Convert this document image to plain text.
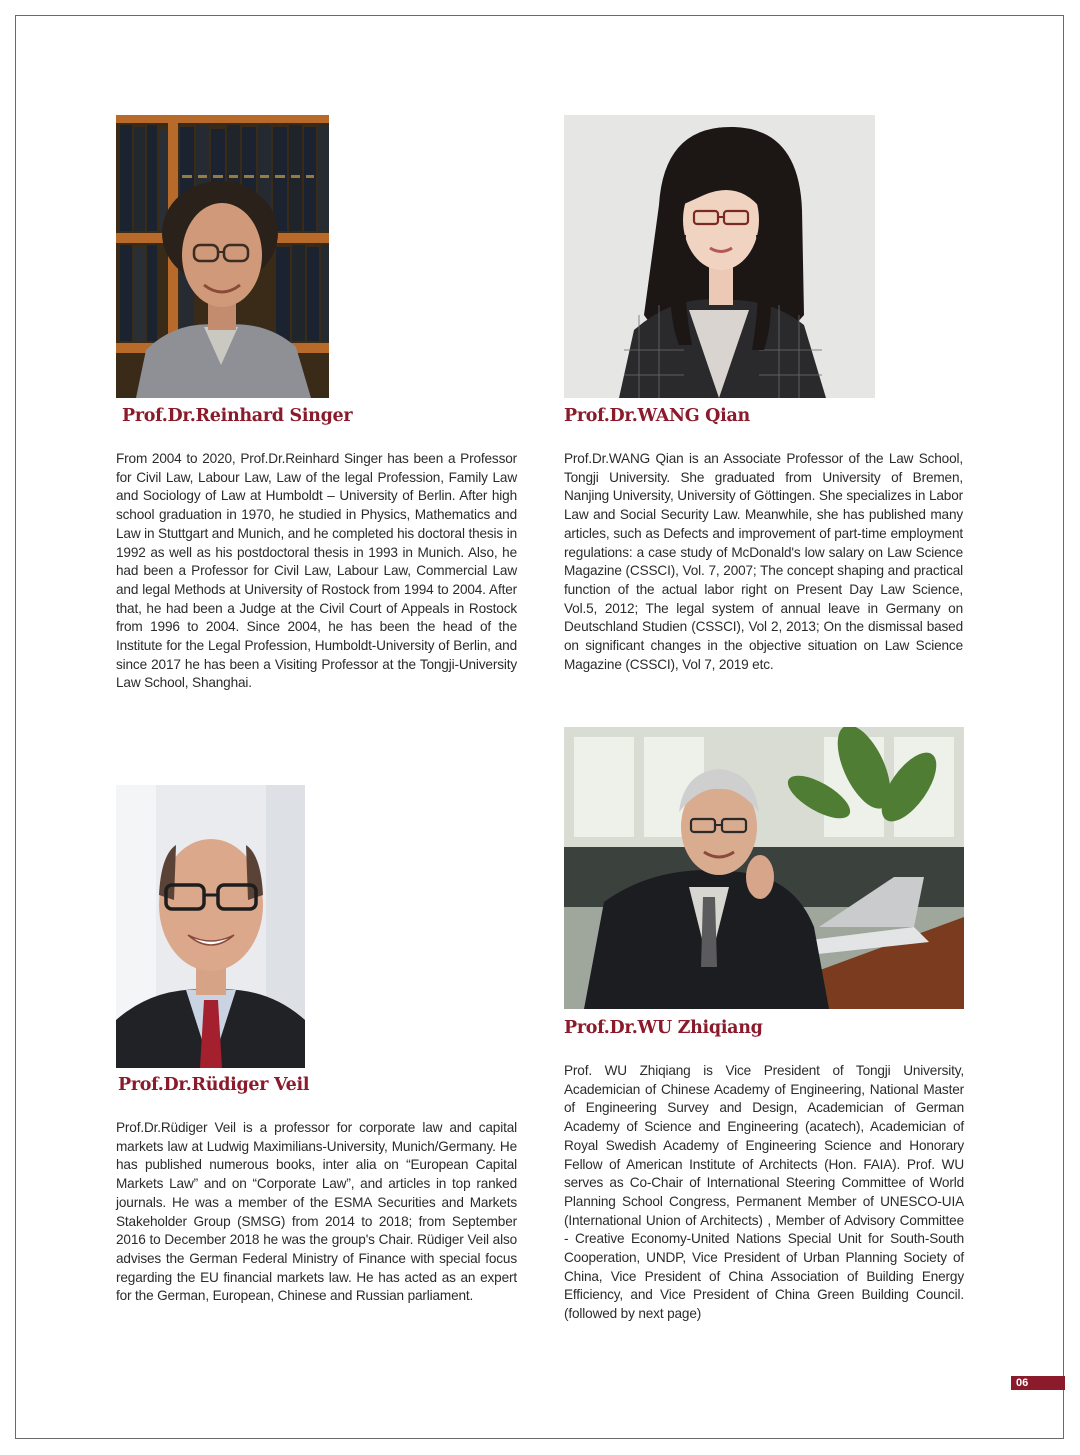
Prof.Dr.Reinhard Singer

From 2004 to 2020, Prof.Dr.Reinhard Singer has been a Professor for Civil Law, Labour Law, Law of the legal Profession, Family Law and Sociology of Law at Humboldt – University of Berlin. After high school graduation in 1970, he studied in Physics, Mathematics and Law in Stuttgart and Munich, and he completed his doctoral thesis in 1992 as well as his postdoctoral thesis in 1993 in Munich. Also, he had been a Professor for Civil Law, Labour Law, Commercial Law and legal Methods at University of Rostock from 1994 to 2004. After that, he had been a Judge at the Civil Court of Appeals in Rostock from 1996 to 2004. Since 2004, he has been the head of the Institute for the Legal Profession, Humboldt-University of Berlin, and since 2017 he has been a Visiting Professor at the Tongji-University Law School, Shanghai.

Prof.Dr.WANG Qian

Prof.Dr.WANG Qian is an Associate Professor of the Law School, Tongji University. She graduated from University of Bremen, Nanjing University, University of Göttingen. She specializes in Labor Law and Social Security Law. Meanwhile, she has published many articles, such as Defects and improvement of part-time employment regulations: a case study of McDonald's low salary on Law Science Magazine (CSSCI), Vol. 7, 2007; The concept shaping and practical function of the actual labor right on Present Day Law Science, Vol.5, 2012; The legal system of annual leave in Germany on Deutschland Studien (CSSCI), Vol 2, 2013; On the dismissal based on significant changes in the objective situation on Law Science Magazine (CSSCI), Vol 7, 2019 etc.

Prof.Dr.Rüdiger Veil

Prof.Dr.Rüdiger Veil is a professor for corporate law and capital markets law at Ludwig Maximilians-University, Munich/Germany. He has published numerous books, inter alia on “European Capital Markets Law” and on “Corporate Law”, and articles in top ranked journals. He was a member of the ESMA Securities and Markets Stakeholder Group (SMSG) from 2014 to 2018; from September 2016 to December 2018 he was the group's Chair. Rüdiger Veil also advises the German Federal Ministry of Finance with special focus regarding the EU financial markets law. He has acted as an expert for the German, European, Chinese and Russian parliament.

Prof.Dr.WU Zhiqiang

Prof. WU Zhiqiang is Vice President of Tongji University, Academician of Chinese Academy of Engineering, National Master of Engineering Survey and Design, Academician of German Academy of Science and Engineering (acatech), Academician of Royal Swedish Academy of Engineering Science and Honorary Fellow of American Institute of Architects (Hon. FAIA). Prof. WU serves as Co-Chair of International Steering Committee of World Planning School Congress, Permanent Member of UNESCO-UIA (International Union of Architects) , Member of Advisory Committee - Creative Economy-United Nations Special Unit for South-South Cooperation, UNDP, Vice President of Urban Planning Society of China, Vice President of China Association of Building Energy Efficiency, and Vice President of China Green Building Council. (followed by next page)

06
